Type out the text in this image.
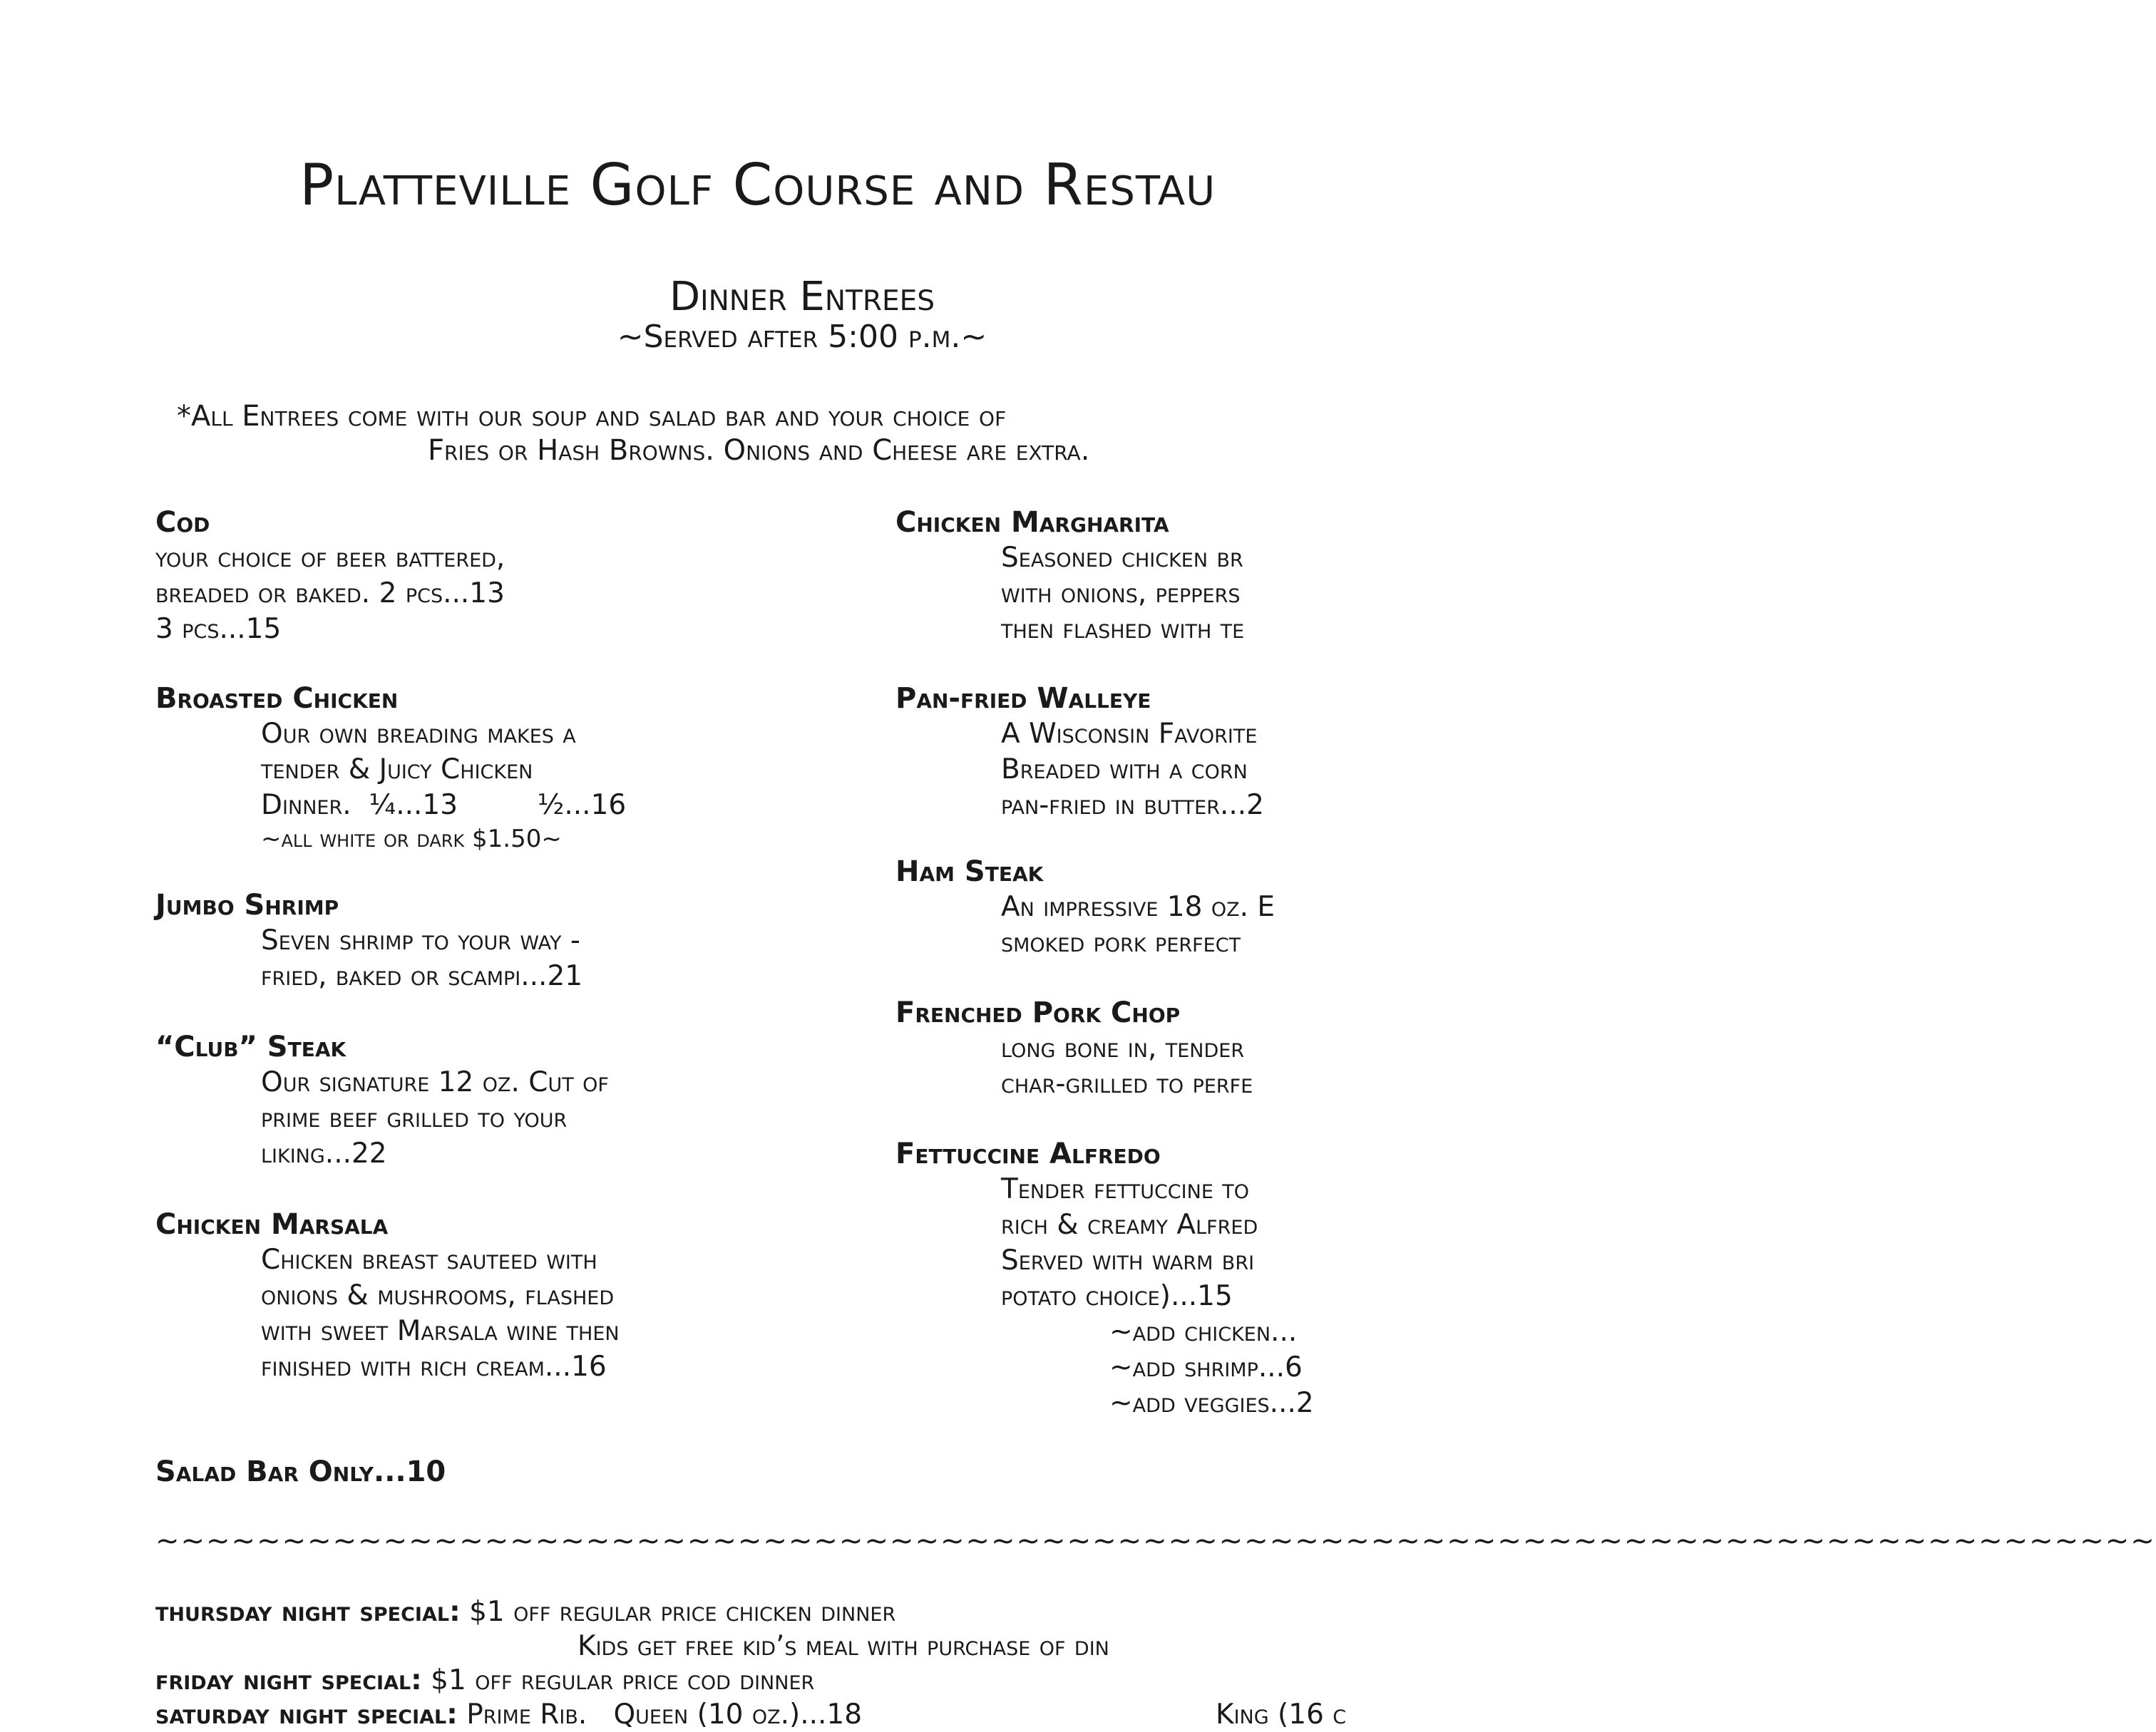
Platteville Golf Course and Restau
Dinner Entrees
~Served after 5:00 p.m.~
*All Entrees come with our soup and salad bar and your choice of
Fries or Hash Browns. Onions and Cheese are extra.
Cod
your choice of beer battered,
breaded or baked. 2 pcs...13
3 pcs...15
Broasted Chicken
Our own breading makes a
tender & Juicy Chicken
Dinner.  ¼...13         ½...16
~all white or dark $1.50~
Jumbo Shrimp
Seven shrimp to your way -
fried, baked or scampi...21
“Club” Steak
Our signature 12 oz. Cut of
prime beef grilled to your
liking...22
Chicken Marsala
Chicken breast sauteed with
onions & mushrooms, flashed
with sweet Marsala wine then
finished with rich cream...16
Chicken Margharita
Seasoned chicken br
with onions, peppers
then flashed with te
Pan-fried Walleye
A Wisconsin Favorite
Breaded with a corn
pan-fried in butter...2
Ham Steak
An impressive 18 oz. E
smoked pork perfect
Frenched Pork Chop
long bone in, tender
char-grilled to perfe
Fettuccine Alfredo
Tender fettuccine to
rich & creamy Alfred
Served with warm bri
potato choice)...15
~add chicken...
~add shrimp...6
~add veggies...2
Salad Bar Only...10
~~~~~~~~~~~~~~~~~~~~~~~~~~~~~~~~~~~~~~~~~~~~~~~~~~~~~~~~~~~~~~~~~~~~~~~~~~~~~~~
thursday night special: $1 off regular price chicken dinner
Kids get free kid’s meal with purchase of din
friday night special: $1 off regular price cod dinner
saturday night special: Prime Rib.   Queen (10 oz.)...18	King (16 c
